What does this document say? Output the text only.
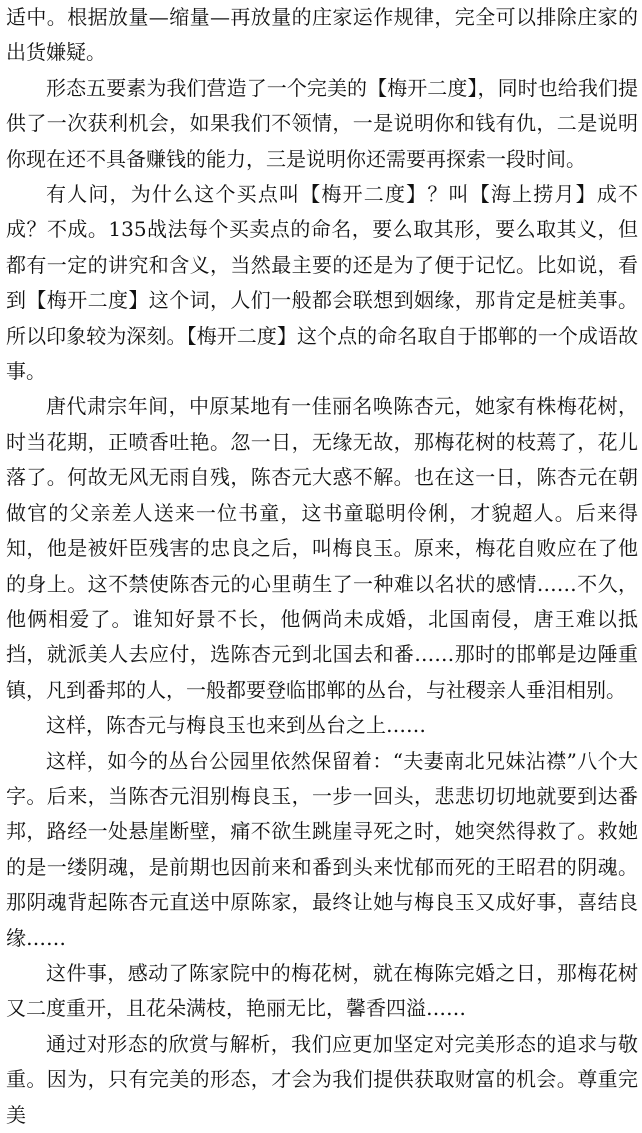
适中。根据放量—缩量—再放量的庄家运作规律，完全可以排除庄家的出货嫌疑。

形态五要素为我们营造了一个完美的【梅开二度】，同时也给我们提供了一次获利机会，如果我们不领情，一是说明你和钱有仇，二是说明你现在还不具备赚钱的能力，三是说明你还需要再探索一段时间。

有人问，为什么这个买点叫【梅开二度】？叫【海上捞月】成不成？不成。135战法每个买卖点的命名，要么取其形，要么取其义，但都有一定的讲究和含义，当然最主要的还是为了便于记忆。比如说，看到【梅开二度】这个词，人们一般都会联想到姻缘，那肯定是桩美事。所以印象较为深刻。【梅开二度】这个点的命名取自于邯郸的一个成语故事。

唐代肃宗年间，中原某地有一佳丽名唤陈杏元，她家有株梅花树，时当花期，正喷香吐艳。忽一日，无缘无故，那梅花树的枝蔫了，花儿落了。何故无风无雨自残，陈杏元大惑不解。也在这一日，陈杏元在朝做官的父亲差人送来一位书童，这书童聪明伶俐，才貌超人。后来得知，他是被奸臣残害的忠良之后，叫梅良玉。原来，梅花自败应在了他的身上。这不禁使陈杏元的心里萌生了一种难以名状的感情……不久，他俩相爱了。谁知好景不长，他俩尚未成婚，北国南侵，唐王难以抵挡，就派美人去应付，选陈杏元到北国去和番……那时的邯郸是边陲重镇，凡到番邦的人，一般都要登临邯郸的丛台，与社稷亲人垂泪相别。

这样，陈杏元与梅良玉也来到丛台之上……

这样，如今的丛台公园里依然保留着：“夫妻南北兄妹沾襟”八个大字。后来，当陈杏元泪别梅良玉，一步一回头，悲悲切切地就要到达番邦，路经一处悬崖断壁，痛不欲生跳崖寻死之时，她突然得救了。救她的是一缕阴魂，是前期也因前来和番到头来忧郁而死的王昭君的阴魂。那阴魂背起陈杏元直送中原陈家，最终让她与梅良玉又成好事，喜结良缘……

这件事，感动了陈家院中的梅花树，就在梅陈完婚之日，那梅花树又二度重开，且花朵满枝，艳丽无比，馨香四溢……

通过对形态的欣赏与解析，我们应更加坚定对完美形态的追求与敬重。因为，只有完美的形态，才会为我们提供获取财富的机会。尊重完美
